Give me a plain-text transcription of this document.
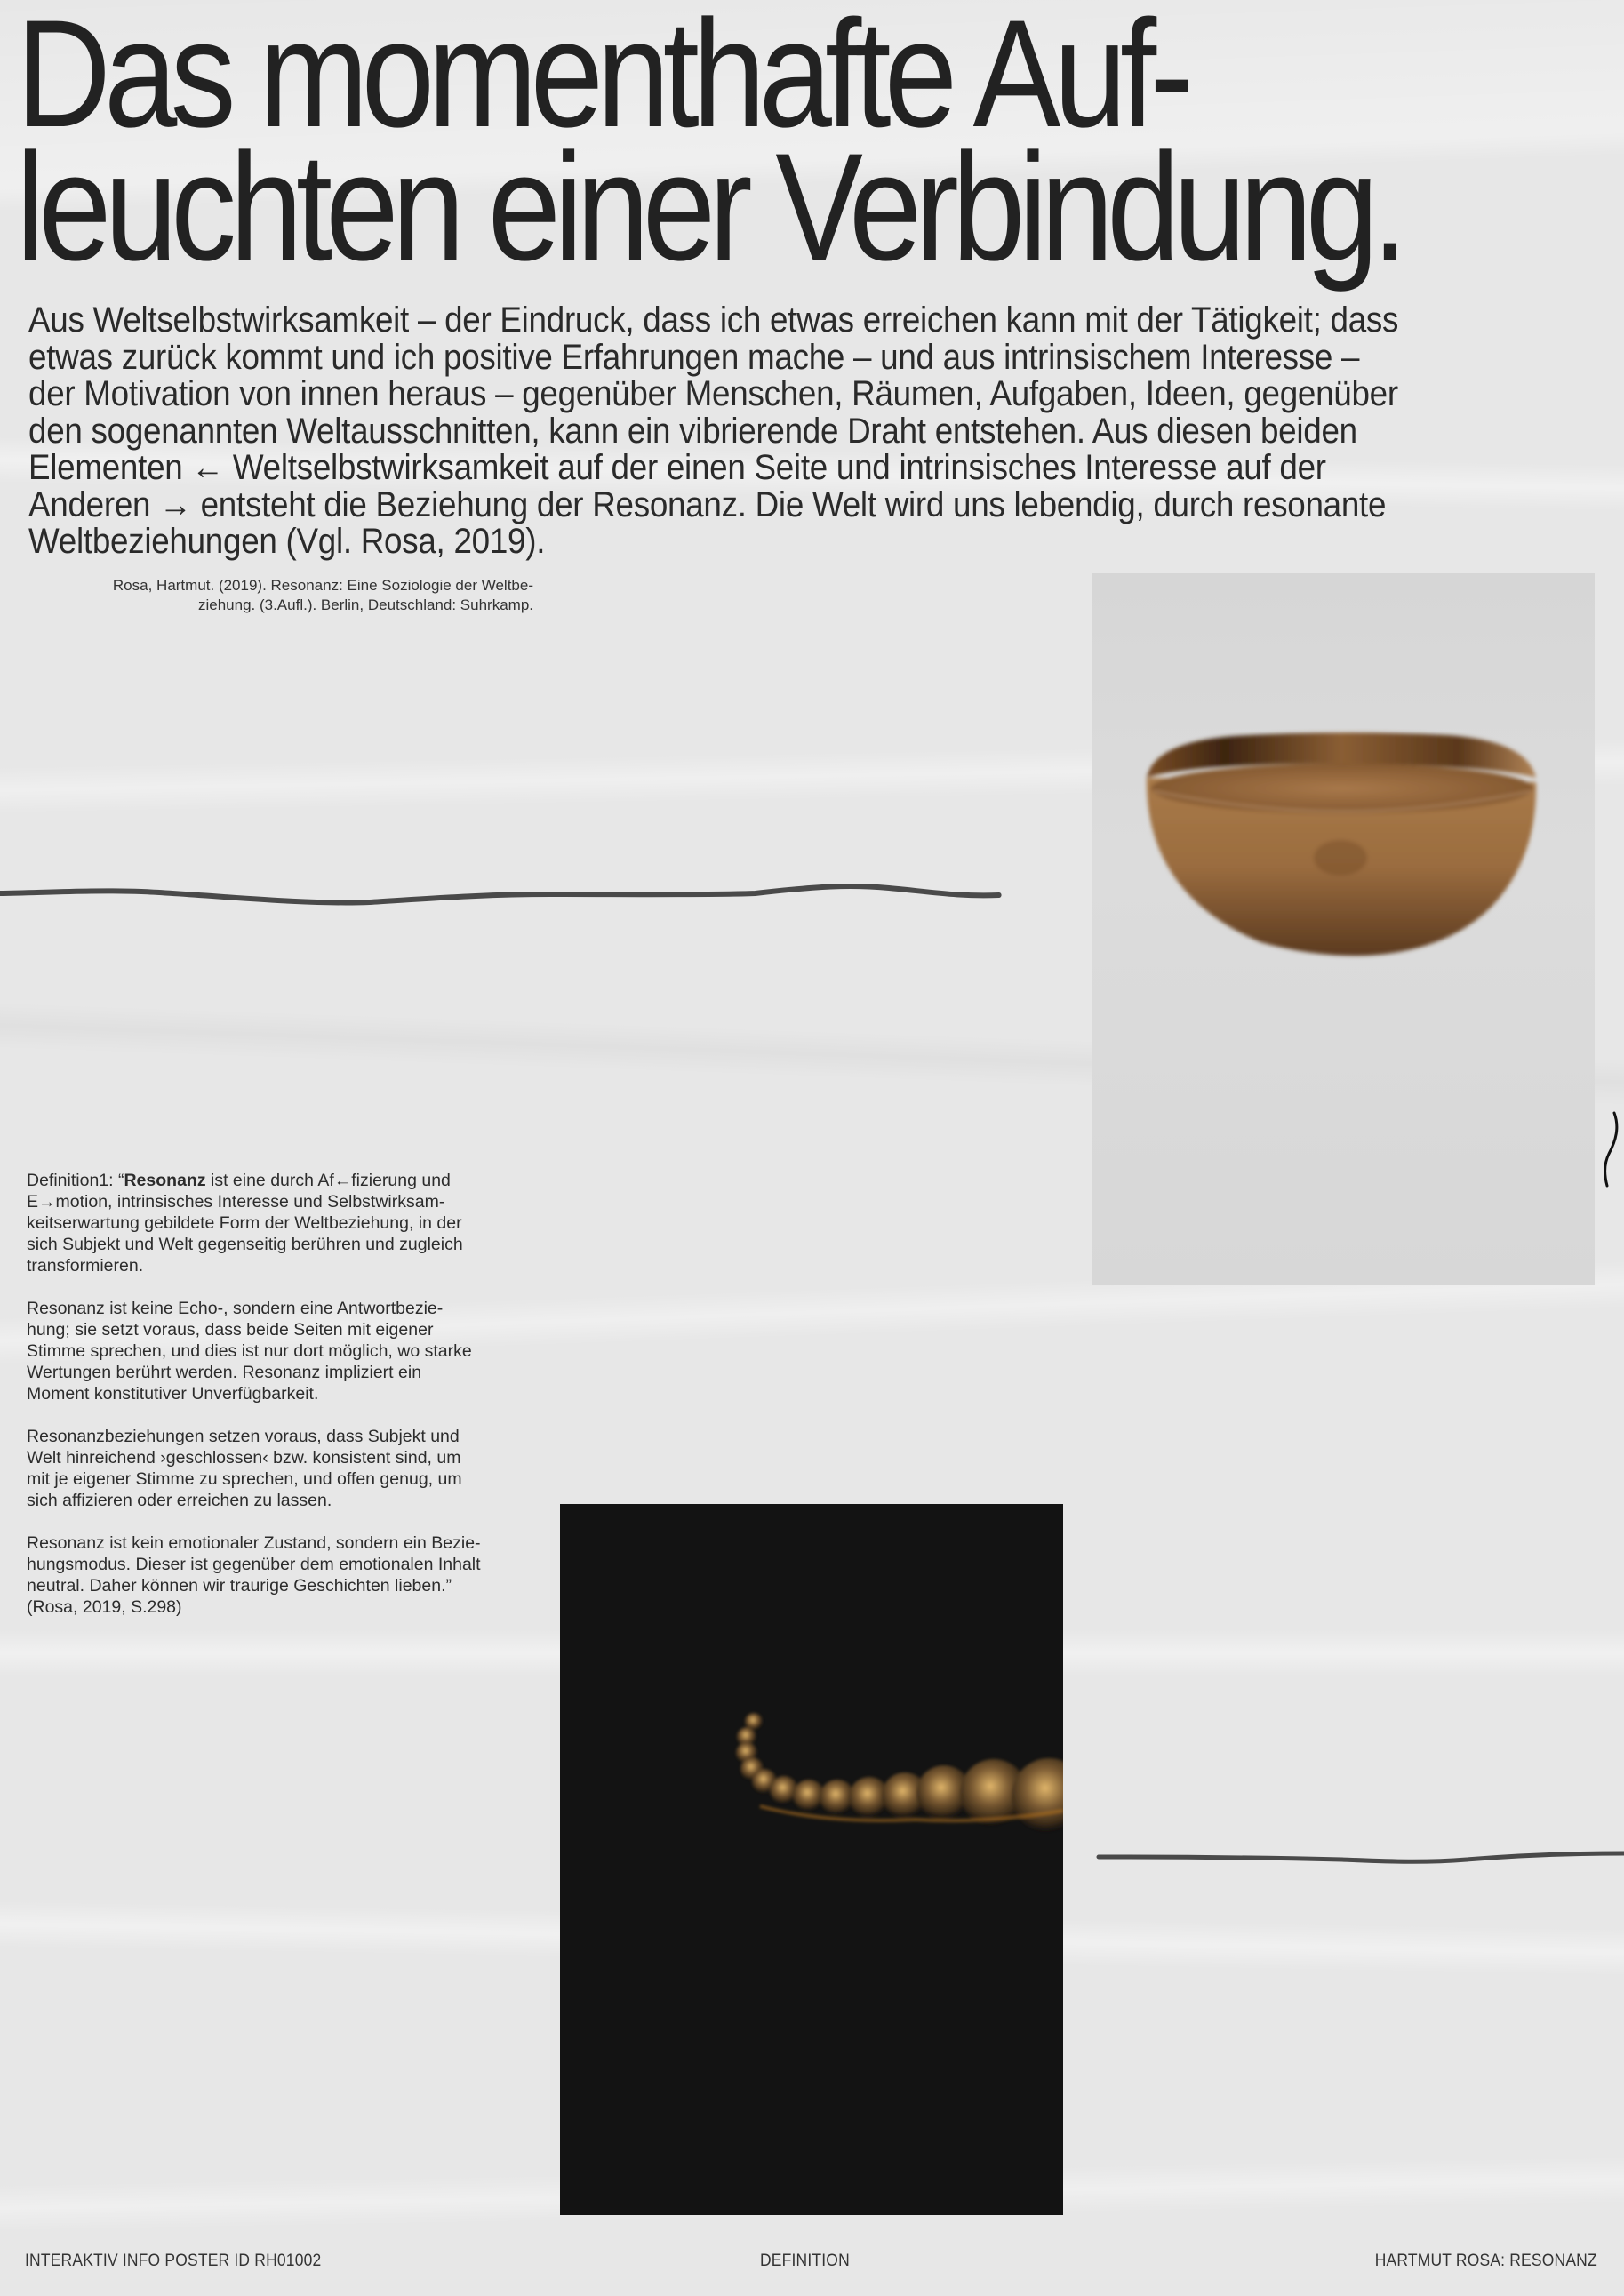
Das momenthafte Auf-
leuchten einer Verbindung.
Aus Weltselbstwirksamkeit – der Eindruck, dass ich etwas erreichen kann mit der Tätigkeit; dass
etwas zurück kommt und ich positive Erfahrungen mache – und aus intrinsischem Interesse –
der Motivation von innen heraus – gegenüber Menschen, Räumen, Aufgaben, Ideen, gegenüber
den sogenannten Weltausschnitten, kann ein vibrierende Draht entstehen. Aus diesen beiden
Elementen ← Weltselbstwirksamkeit auf der einen Seite und intrinsisches Interesse auf der
Anderen → entsteht die Beziehung der Resonanz. Die Welt wird uns lebendig, durch resonante
Weltbeziehungen (Vgl. Rosa, 2019).
Rosa, Hartmut. (2019). Resonanz: Eine Soziologie der Weltbe-
ziehung. (3.Aufl.). Berlin, Deutschland: Suhrkamp.

Definition1: “Resonanz ist eine durch Af←fizierung und
E→motion, intrinsisches Interesse und Selbstwirksam-
keitserwartung gebildete Form der Weltbeziehung, in der
sich Subjekt und Welt gegenseitig berühren und zugleich
transformieren.

Resonanz ist keine Echo-, sondern eine Antwortbezie-
hung; sie setzt voraus, dass beide Seiten mit eigener
Stimme sprechen, und dies ist nur dort möglich, wo starke
Wertungen berührt werden. Resonanz impliziert ein
Moment konstitutiver Unverfügbarkeit.

Resonanzbeziehungen setzen voraus, dass Subjekt und
Welt hinreichend ›geschlossen‹ bzw. konsistent sind, um
mit je eigener Stimme zu sprechen, und offen genug, um
sich affizieren oder erreichen zu lassen.

Resonanz ist kein emotionaler Zustand, sondern ein Bezie-
hungsmodus. Dieser ist gegenüber dem emotionalen Inhalt
neutral. Daher können wir traurige Geschichten lieben.”
(Rosa, 2019, S.298)

INTERAKTIV INFO POSTER ID RH01002	DEFINITION	HARTMUT ROSA: RESONANZ
